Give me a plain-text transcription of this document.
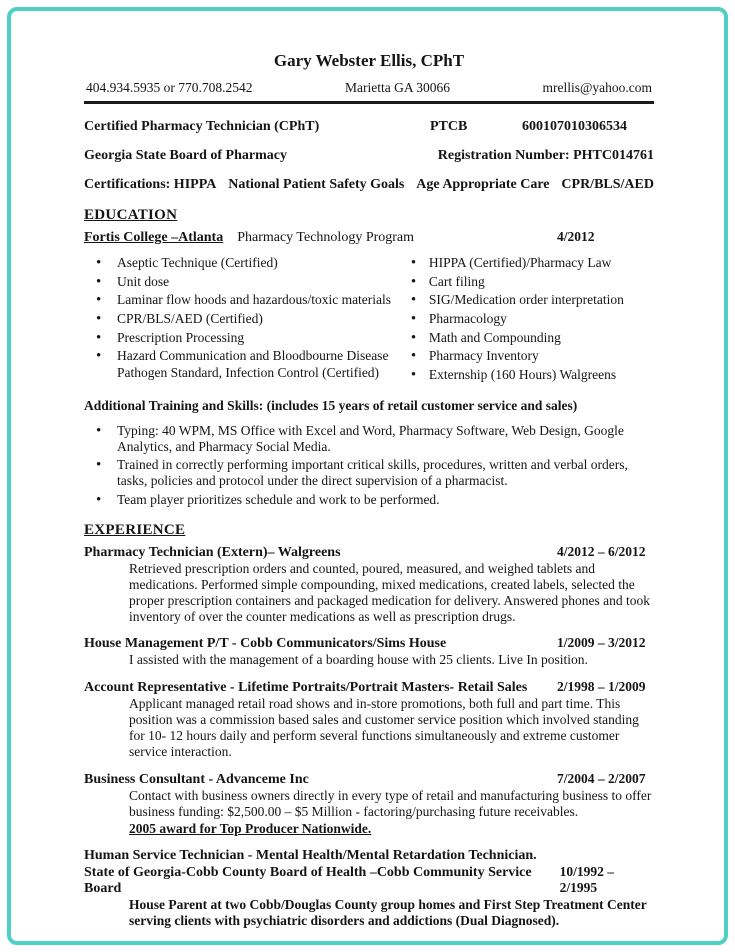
Gary Webster Ellis, CPhT
404.934.5935 or 770.708.2542	Marietta GA 30066	mrellis@yahoo.com
Certified Pharmacy Technician (CPhT)	PTCB	600107010306534
Georgia State Board of Pharmacy	Registration Number: PHTC014761
Certifications: HIPPA National Patient Safety Goals Age Appropriate Care CPR/BLS/AED
EDUCATION
Fortis College –Atlanta Pharmacy Technology Program	4/2012
• Aseptic Technique (Certified)
• Unit dose
• Laminar flow hoods and hazardous/toxic materials
• CPR/BLS/AED (Certified)
• Prescription Processing
• Hazard Communication and Bloodbourne Disease Pathogen Standard, Infection Control (Certified)
• HIPPA (Certified)/Pharmacy Law
• Cart filing
• SIG/Medication order interpretation
• Pharmacology
• Math and Compounding
• Pharmacy Inventory
• Externship (160 Hours) Walgreens
Additional Training and Skills: (includes 15 years of retail customer service and sales)
• Typing: 40 WPM, MS Office with Excel and Word, Pharmacy Software, Web Design, Google Analytics, and Pharmacy Social Media.
• Trained in correctly performing important critical skills, procedures, written and verbal orders, tasks, policies and protocol under the direct supervision of a pharmacist.
• Team player prioritizes schedule and work to be performed.
EXPERIENCE
Pharmacy Technician (Extern)– Walgreens	4/2012 – 6/2012

Retrieved prescription orders and counted, poured, measured, and weighed tablets and medications. Performed simple compounding, mixed medications, created labels, selected the proper prescription containers and packaged medication for delivery. Answered phones and took inventory of over the counter medications as well as prescription drugs.

House Management P/T - Cobb Communicators/Sims House	1/2009 – 3/2012

I assisted with the management of a boarding house with 25 clients. Live In position.

Account Representative - Lifetime Portraits/Portrait Masters- Retail Sales 2/1998 – 1/2009

Applicant managed retail road shows and in-store promotions, both full and part time. This position was a commission based sales and customer service position which involved standing for 10- 12 hours daily and perform several functions simultaneously and extreme customer service interaction.

Business Consultant - Advanceme Inc	7/2004 – 2/2007

Contact with business owners directly in every type of retail and manufacturing business to offer business funding: $2,500.00 – $5 Million - factoring/purchasing future receivables.

2005 award for Top Producer Nationwide.

Human Service Technician - Mental Health/Mental Retardation Technician.
State of Georgia-Cobb County Board of Health –Cobb Community Service Board
10/1992 – 2/1995

House Parent at two Cobb/Douglas County group homes and First Step Treatment Center serving clients with psychiatric disorders and addictions (Dual Diagnosed).
